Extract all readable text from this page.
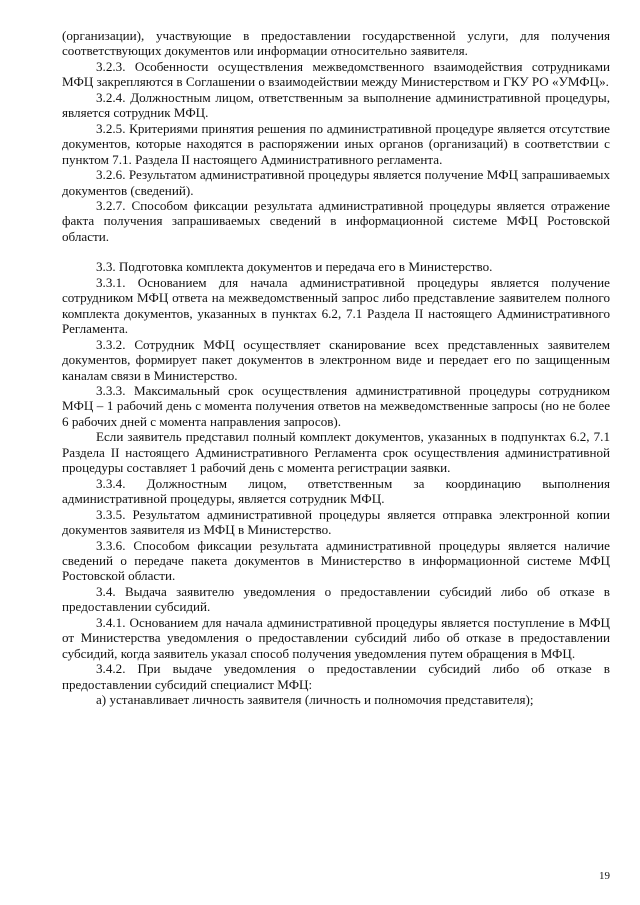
(организации), участвующие в предоставлении государственной услуги, для получения соответствующих документов или информации относительно заявителя.

3.2.3. Особенности осуществления межведомственного взаимодействия сотрудниками МФЦ закрепляются в Соглашении о взаимодействии между Министерством и ГКУ РО «УМФЦ».

3.2.4. Должностным лицом, ответственным за выполнение административной процедуры, является сотрудник МФЦ.

3.2.5. Критериями принятия решения по административной процедуре является отсутствие документов, которые находятся в распоряжении иных органов (организаций) в соответствии с пунктом 7.1. Раздела II настоящего Административного регламента.

3.2.6. Результатом административной процедуры является получение МФЦ запрашиваемых документов (сведений).

3.2.7. Способом фиксации результата административной процедуры является отражение факта получения запрашиваемых сведений в информационной системе МФЦ Ростовской области.

3.3. Подготовка комплекта документов и передача его в Министерство.

3.3.1. Основанием для начала административной процедуры является получение сотрудником МФЦ ответа на межведомственный запрос либо представление заявителем полного комплекта документов, указанных в пунктах 6.2, 7.1 Раздела II настоящего Административного Регламента.

3.3.2. Сотрудник МФЦ осуществляет сканирование всех представленных заявителем документов, формирует пакет документов в электронном виде и передает его по защищенным каналам связи в Министерство.

3.3.3. Максимальный срок осуществления административной процедуры сотрудником МФЦ – 1 рабочий день с момента получения ответов на межведомственные запросы (но не более 6 рабочих дней с момента направления запросов).

Если заявитель представил полный комплект документов, указанных в подпунктах 6.2, 7.1 Раздела II настоящего Административного Регламента срок осуществления административной процедуры составляет 1 рабочий день с момента регистрации заявки.

3.3.4. Должностным лицом, ответственным за координацию выполнения административной процедуры, является сотрудник МФЦ.

3.3.5. Результатом административной процедуры является отправка электронной копии документов заявителя из МФЦ в Министерство.

3.3.6. Способом фиксации результата административной процедуры является наличие сведений о передаче пакета документов в Министерство в информационной системе МФЦ Ростовской области.

3.4. Выдача заявителю уведомления о предоставлении субсидий либо об отказе в предоставлении субсидий.

3.4.1. Основанием для начала административной процедуры является поступление в МФЦ от Министерства уведомления о предоставлении субсидий либо об отказе в предоставлении субсидий, когда заявитель указал способ получения уведомления путем обращения в МФЦ.

3.4.2. При выдаче уведомления о предоставлении субсидий либо об отказе в предоставлении субсидий специалист МФЦ:

а) устанавливает личность заявителя (личность и полномочия представителя);

19
